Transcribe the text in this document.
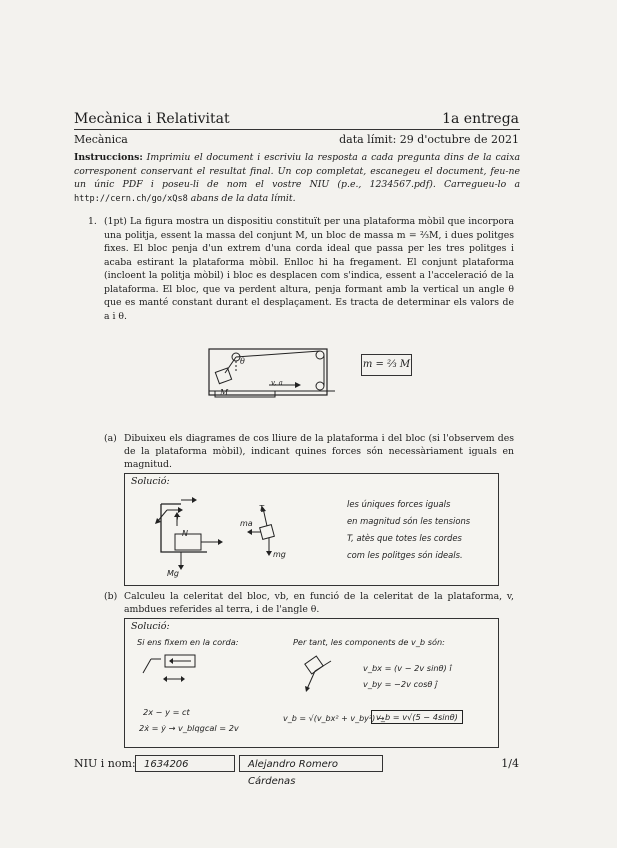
Mecànica i Relativitat	1a entrega
Mecànica	data límit: 29 d'octubre de 2021
Instruccions: Imprimiu el document i escriviu la resposta a cada pregunta dins de la caixa corresponent conservant el resultat final. Un cop completat, escanegeu el document, feu-ne un únic PDF i poseu-li de nom el vostre NIU (p.e., 1234567.pdf). Carregueu-lo a http://cern.ch/go/xQs8 abans de la data límit.
1. (1pt) La figura mostra un dispositiu constituït per una plataforma mòbil que incorpora una politja, essent la massa del conjunt M, un bloc de massa m = ⅔M, i dues politges fixes. El bloc penja d'un extrem d'una corda ideal que passa per les tres politges i acaba estirant la plataforma mòbil. Enlloc hi ha fregament. El conjunt plataforma (incloent la politja mòbil) i bloc es desplacen com s'indica, essent a l'acceleració de la plataforma. El bloc, que va perdent altura, penja formant amb la vertical un angle θ que es manté constant durant el desplaçament. Es tracta de determinar els valors de a i θ.
θ
v, a
M
m = ⅔ M
(a) Dibuixeu els diagrames de cos lliure de la plataforma i del bloc (si l'observem des de la plataforma mòbil), indicant quines forces són necessàriament iguals en magnitud.
Solució:
T
N
Mg
T
ma
mg
les úniques forces iguals
en magnitud són les tensions
T, atès que totes les cordes
com les politges són ideals.
(b) Calculeu la celeritat del bloc, vb, en funció de la celeritat de la plataforma, v, ambdues referides al terra, i de l'angle θ.
Solució:
Si ens fixem en la corda:
2x − y = ct
2ẋ = ẏ → v_blqgcal = 2v
Per tant, les components de v_b són:
v_bx = (v − 2v sinθ) î
v_by = −2v cosθ ĵ
v_b = √(v_bx² + v_by²) →
v_b = v√(5 − 4sinθ)
NIU i nom: 1634206	Alejandro Romero Cárdenas
1/4
